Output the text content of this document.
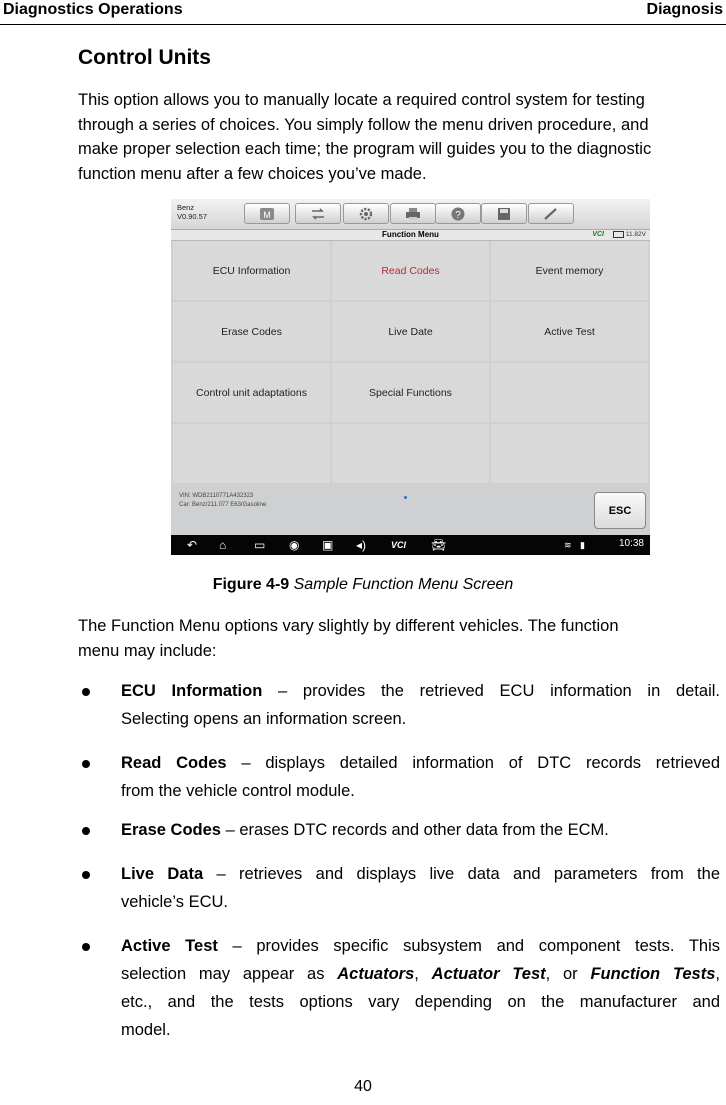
Diagnostics Operations	Diagnosis
Control Units
This option allows you to manually locate a required control system for testing
through a series of choices. You simply follow the menu driven procedure, and
make proper selection each time; the program will guides you to the diagnostic
function menu after a few choices you’ve made.
Benz
V0.90.57	M	?
Function Menu	VCI	11.82V
ECU Information	Read Codes	Event memory
Erase Codes	Live Date	Active Test
Control unit adaptations	Special Functions
VIN: WDB2110771A432323
Car: Benz/211.077 E63/Gasoline	ESC
↶ ⌂ ▭ ◉ ▣ ◂)	VCI 🚘︎	≋ ▮	10:38
Figure 4-9 Sample Function Menu Screen
The Function Menu options vary slightly by different vehicles. The function
menu may include:
ECU Information – provides the retrieved ECU information in detail.
Selecting opens an information screen.
Read Codes – displays detailed information of DTC records retrieved
from the vehicle control module.
Erase Codes – erases DTC records and other data from the ECM.
Live Data – retrieves and displays live data and parameters from the
vehicle’s ECU.
Active Test – provides specific subsystem and component tests. This
selection may appear as Actuators, Actuator Test, or Function Tests,
etc., and the tests options vary depending on the manufacturer and
model.
40
